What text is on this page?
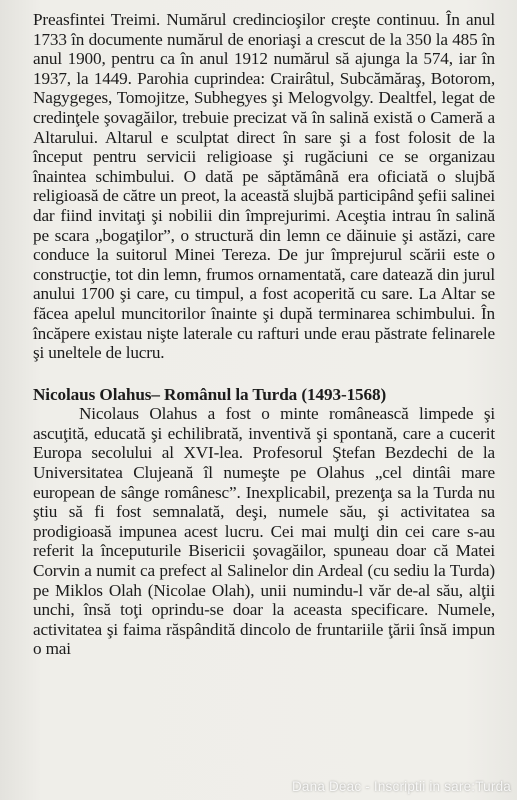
Preasfintei Treimi. Numărul credincioşilor creşte continuu. În anul 1733 în documente numărul de enoriaşi a crescut de la 350 la 485 în anul 1900, pentru ca în anul 1912 numărul să ajunga la 574, iar în 1937, la 1449. Parohia cuprindea: Crairâtul, Subcămăraş, Botorom, Nagygeges, Tomojitze, Subhegyes şi Melogvolgy. Dealtfel, legat de credinţele şovagăilor, trebuie precizat vă în salină există o Cameră a Altarului. Altarul e sculptat direct în sare şi a fost folosit de la început pentru servicii religioase şi rugăciuni ce se organizau înaintea schimbului. O dată pe săptămână era oficiată o slujbă religioasă de către un preot, la această slujbă participând şefii salinei dar fiind invitaţi şi nobilii din împrejurimi. Aceştia intrau în salină pe scara „bogaţilor”, o structură din lemn ce dăinuie şi astăzi, care conduce la suitorul Minei Tereza. De jur împrejurul scării este o construcţie, tot din lemn, frumos ornamentată, care datează din jurul anului 1700 şi care, cu timpul, a fost acoperită cu sare. La Altar se făcea apelul muncitorilor înainte şi după terminarea schimbului. În încăpere existau nişte laterale cu rafturi unde erau păstrate felinarele şi uneltele de lucru.

Nicolaus Olahus– Românul la Turda (1493-1568)

Nicolaus Olahus a fost o minte românească limpede şi ascuţită, educată şi echilibrată, inventivă şi spontană, care a cucerit Europa secolului al XVI-lea. Profesorul Ştefan Bezdechi de la Universitatea Clujeană îl numeşte pe Olahus „cel dintâi mare european de sânge românesc”. Inexplicabil, prezenţa sa la Turda nu ştiu să fi fost semnalată, deşi, numele său, şi activitatea sa prodigioasă impunea acest lucru. Cei mai mulţi din cei care s-au referit la începuturile Bisericii şovagăilor, spuneau doar că Matei Corvin a numit ca prefect al Salinelor din Ardeal (cu sediu la Turda) pe Miklos Olah (Nicolae Olah), unii numindu-l văr de-al său, alţii unchi, însă toţi oprindu-se doar la aceasta specificare. Numele, activitatea şi faima răspândită dincolo de fruntariile ţării însă impun o mai

Dana Deac - Inscriptii in sare:Turda
